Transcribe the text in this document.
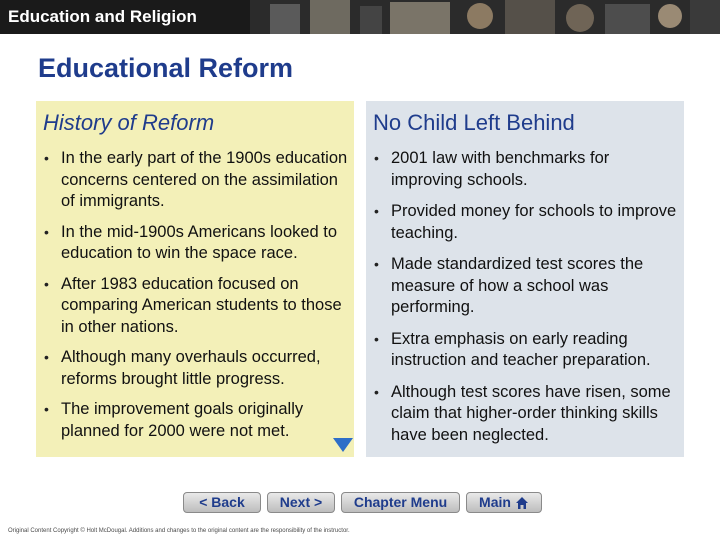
Education and Religion
Educational Reform
History of Reform
• In the early part of the 1900s education concerns centered on the assimilation of immigrants.
• In the mid-1900s Americans looked to education to win the space race.
• After 1983 education focused on comparing American students to those in other nations.
• Although many overhauls occurred, reforms brought little progress.
• The improvement goals originally planned for 2000 were not met.
No Child Left Behind
• 2001 law with benchmarks for improving schools.
• Provided money for schools to improve teaching.
• Made standardized test scores the measure of how a school was performing.
• Extra emphasis on early reading instruction and teacher preparation.
• Although test scores have risen, some claim that higher-order thinking skills have been neglected.
< Back	Next > Chapter Menu Main
Original Content Copyright © Holt McDougal. Additions and changes to the original content are the responsibility of the instructor.
